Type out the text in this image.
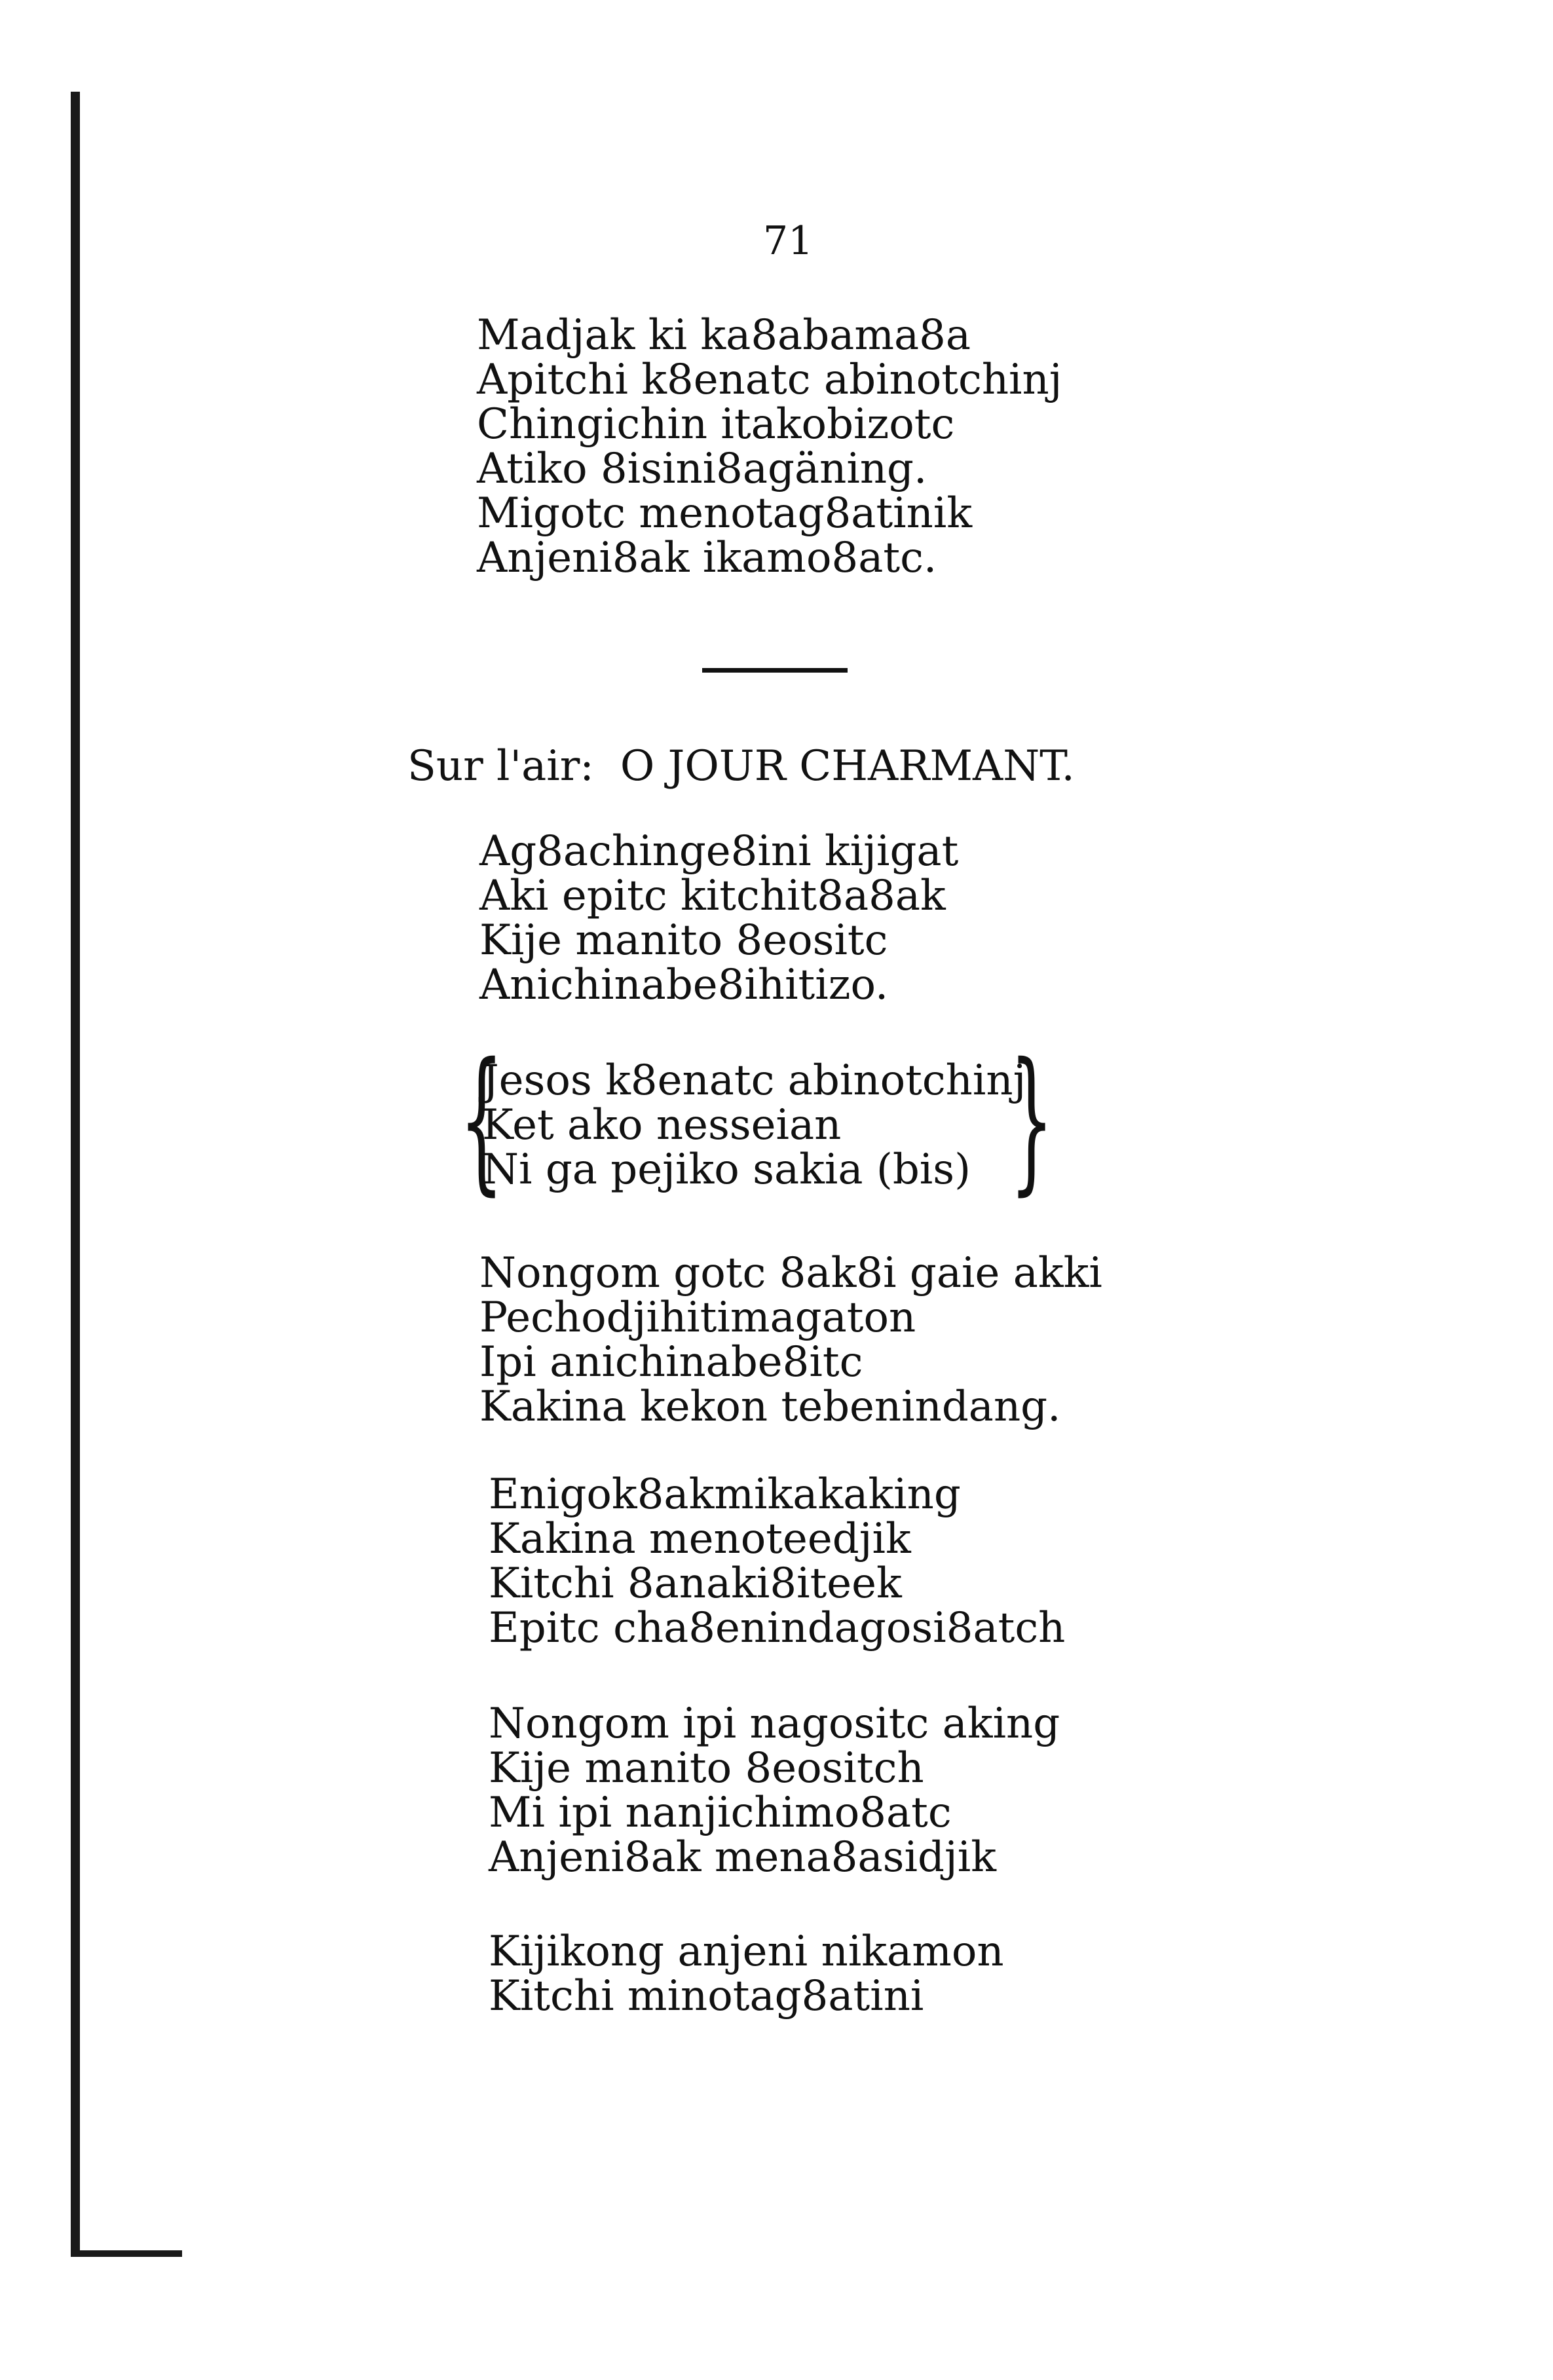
71
Madjak ki ka8abama8a
Apitchi k8enatc abinotchinj
Chingichin itakobizotc
Atiko 8isini8agäning.
Migotc menotag8atinik
Anjeni8ak ikamo8atc.
Sur l'air: O JOUR CHARMANT.
Ag8achinge8ini kijigat
Aki epitc kitchit8a8ak
Kije manito 8eositc
Anichinabe8ihitizo.
{
Jesos k8enatc abinotchinj
Ket ako nesseian
Ni ga pejiko sakia (bis) }
Nongom gotc 8ak8i gaie akki
Pechodjihitimagaton
Ipi anichinabe8itc
Kakina kekon tebenindang.
Enigok8akmikakaking
Kakina menoteedjik
Kitchi 8anaki8iteek
Epitc cha8enindagosi8atch
Nongom ipi nagositc aking
Kije manito 8eositch
Mi ipi nanjichimo8atc
Anjeni8ak mena8asidjik
Kijikong anjeni nikamon
Kitchi minotag8atini
